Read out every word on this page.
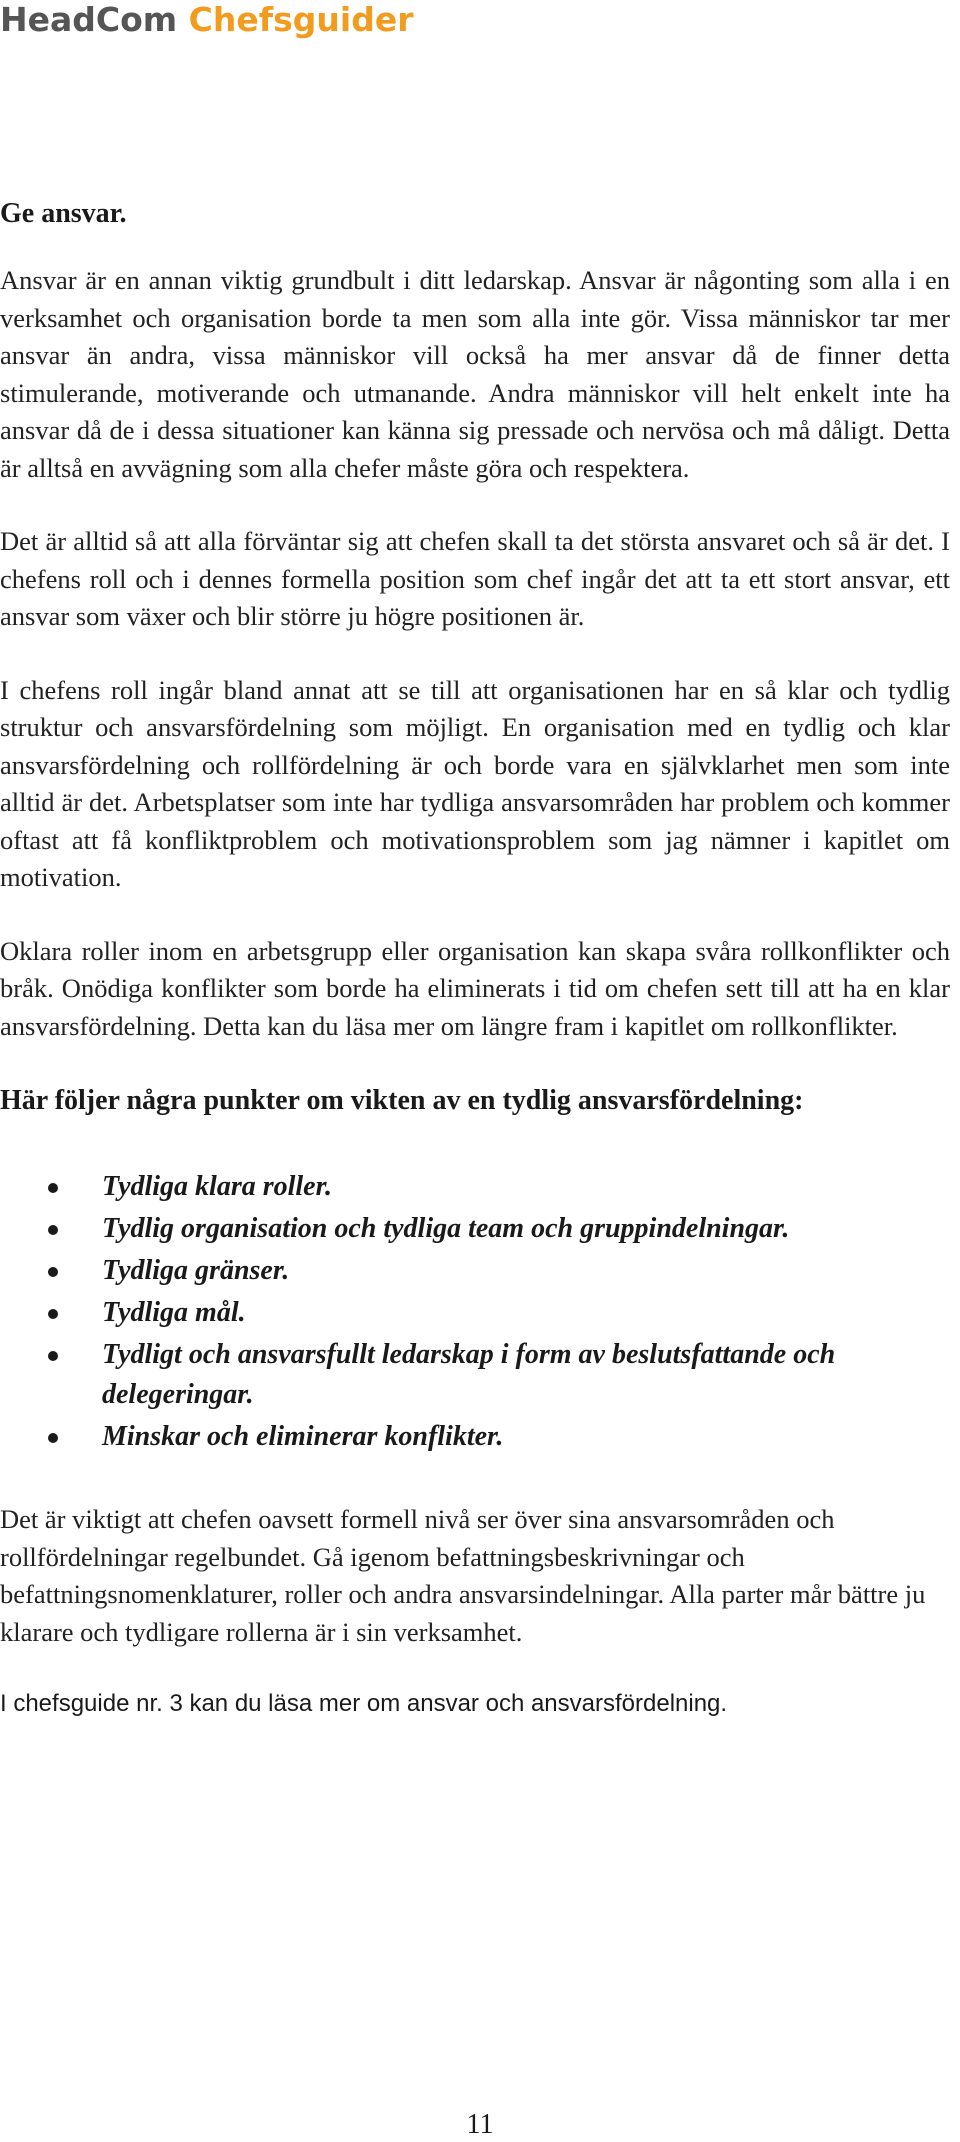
HeadCom Chefsguider
Ge ansvar.

Ansvar är en annan viktig grundbult i ditt ledarskap. Ansvar är någonting som alla i en verksamhet och organisation borde ta men som alla inte gör. Vissa människor tar mer ansvar än andra, vissa människor vill också ha mer ansvar då de finner detta stimulerande, motiverande och utmanande. Andra människor vill helt enkelt inte ha ansvar då de i dessa situationer kan känna sig pressade och nervösa och må dåligt. Detta är alltså en avvägning som alla chefer måste göra och respektera.

Det är alltid så att alla förväntar sig att chefen skall ta det största ansvaret och så är det. I chefens roll och i dennes formella position som chef ingår det att ta ett stort ansvar, ett ansvar som växer och blir större ju högre positionen är.

I chefens roll ingår bland annat att se till att organisationen har en så klar och tydlig struktur och ansvarsfördelning som möjligt. En organisation med en tydlig och klar ansvarsfördelning och rollfördelning är och borde vara en självklarhet men som inte alltid är det. Arbetsplatser som inte har tydliga ansvarsområden har problem och kommer oftast att få konfliktproblem och motivationsproblem som jag nämner i kapitlet om motivation.

Oklara roller inom en arbetsgrupp eller organisation kan skapa svåra rollkonflikter och bråk. Onödiga konflikter som borde ha eliminerats i tid om chefen sett till att ha en klar ansvarsfördelning. Detta kan du läsa mer om längre fram i kapitlet om rollkonflikter.

Här följer några punkter om vikten av en tydlig ansvarsfördelning:
Tydliga klara roller.
Tydlig organisation och tydliga team och gruppindelningar.
Tydliga gränser.
Tydliga mål.
Tydligt och ansvarsfullt ledarskap i form av beslutsfattande och delegeringar.
Minskar och eliminerar konflikter.

Det är viktigt att chefen oavsett formell nivå ser över sina ansvarsområden och rollfördelningar regelbundet. Gå igenom befattningsbeskrivningar och befattningsnomenklaturer, roller och andra ansvarsindelningar. Alla parter mår bättre ju klarare och tydligare rollerna är i sin verksamhet.

I chefsguide nr. 3 kan du läsa mer om ansvar och ansvarsfördelning.

11
